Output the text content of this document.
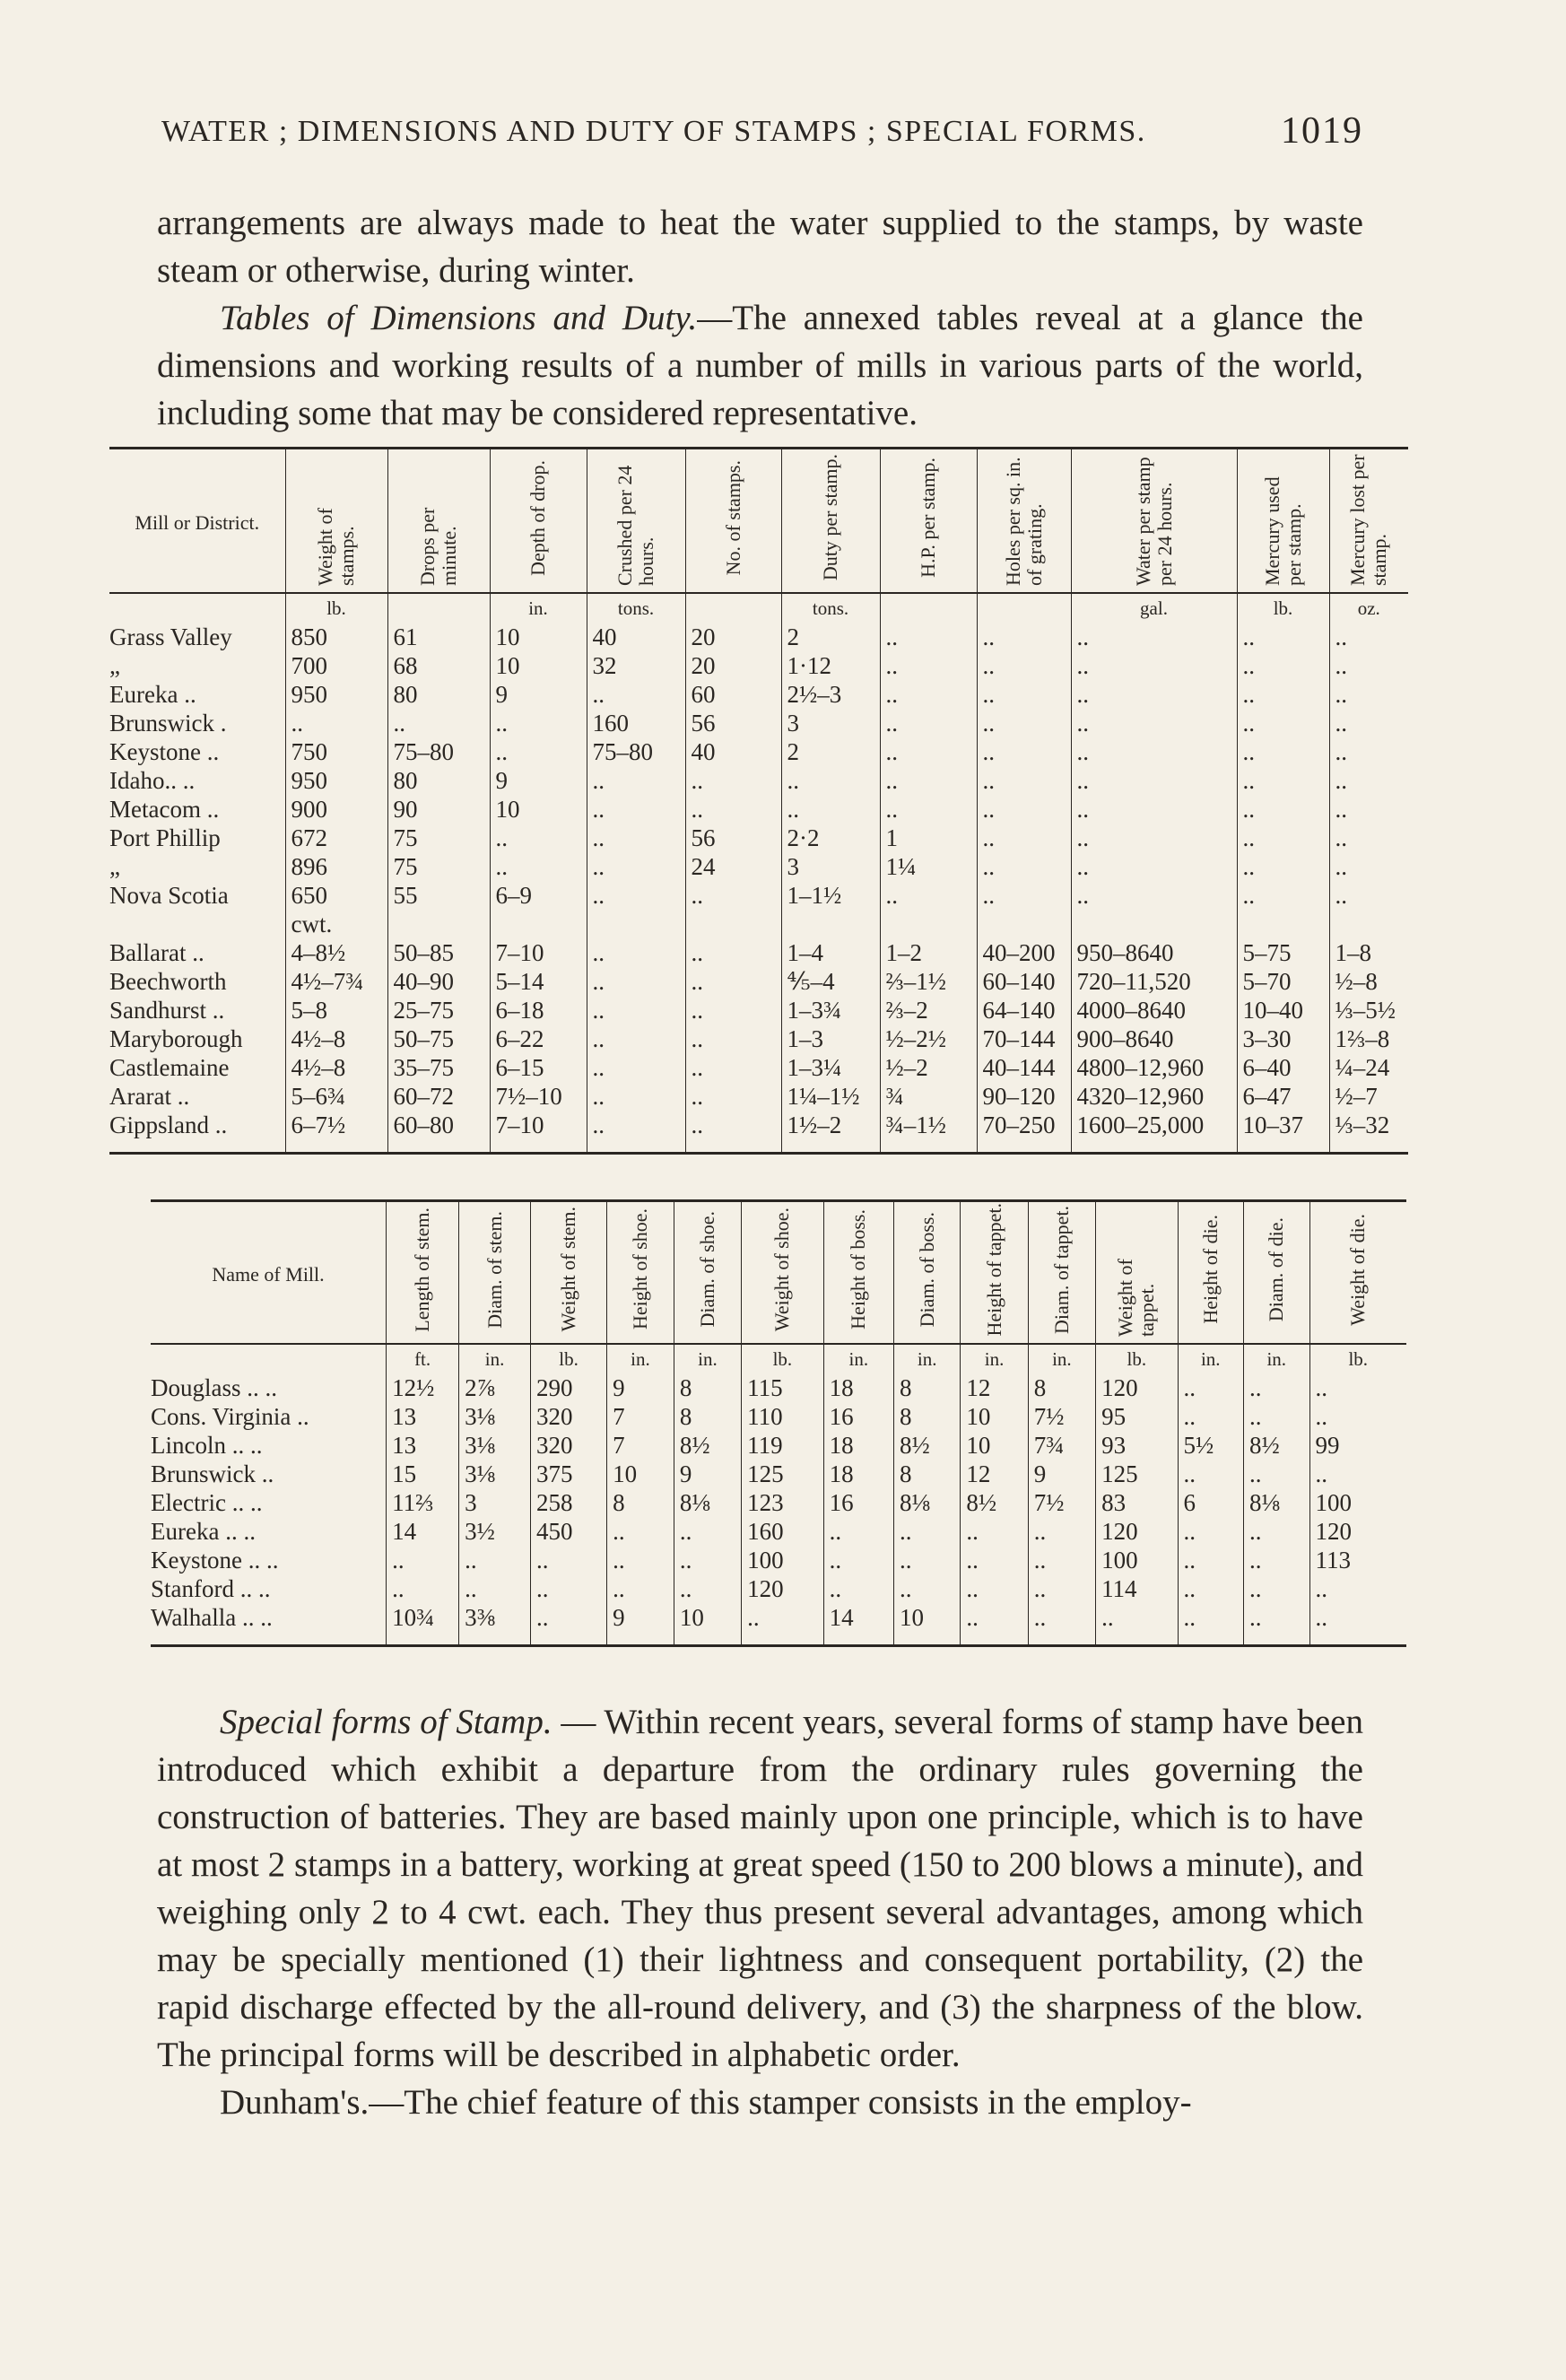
WATER ; DIMENSIONS AND DUTY OF STAMPS ; SPECIAL FORMS.	1019

arrangements are always made to heat the water supplied to the stamps, by waste steam or otherwise, during winter.

Tables of Dimensions and Duty.—The annexed tables reveal at a glance the dimensions and working results of a number of mills in various parts of the world, including some that may be considered representative.

Mill or District.	Weight of stamps.	Drops per minute.	Depth of drop.	Crushed per 24 hours.	No. of stamps.	Duty per stamp.	H.P. per stamp.	Holes per sq. in. of grating.	Water per stamp per 24 hours.	Mercury used per stamp.	Mercury lost per stamp.
	lb.		in.	tons.		tons.			gal.	lb.	oz.
Grass Valley	850	61	10	40	20	2	..	..	..	..	..
„	700	68	10	32	20	1·12	..	..	..	..	..
Eureka ..	950	80	9	..	60	2½–3	..	..	..	..	..
Brunswick .	..	..	..	160	56	3	..	..	..	..	..
Keystone ..	750	75–80	..	75–80	40	2	..	..	..	..	..
Idaho.. ..	950	80	9	..	..	..	..	..	..	..	..
Metacom ..	900	90	10	..	..	..	..	..	..	..	..
Port Phillip	672	75	..	..	56	2·2	1	..	..	..	..
„	896	75	..	..	24	3	1¼	..	..	..	..
Nova Scotia	650	55	6–9	..	..	1–1½	..	..	..	..	..
	cwt.										
Ballarat ..	4–8½	50–85	7–10	..	..	1–4	1–2	40–200	950–8640	5–75	1–8
Beechworth	4½–7¾	40–90	5–14	..	..	⅘–4	⅔–1½	60–140	720–11,520	5–70	½–8
Sandhurst ..	5–8	25–75	6–18	..	..	1–3¾	⅔–2	64–140	4000–8640	10–40	⅓–5½
Maryborough	4½–8	50–75	6–22	..	..	1–3	½–2½	70–144	900–8640	3–30	1⅔–8
Castlemaine	4½–8	35–75	6–15	..	..	1–3¼	½–2	40–144	4800–12,960	6–40	¼–24
Ararat ..	5–6¾	60–72	7½–10	..	..	1¼–1½	¾	90–120	4320–12,960	6–47	½–7
Gippsland ..	6–7½	60–80	7–10	..	..	1½–2	¾–1½	70–250	1600–25,000	10–37	⅓–32
Name of Mill.	Length of stem.	Diam. of stem.	Weight of stem.	Height of shoe.	Diam. of shoe.	Weight of shoe.	Height of boss.	Diam. of boss.	Height of tappet.	Diam. of tappet.	Weight of tappet.	Height of die.	Diam. of die.	Weight of die.
	ft.	in.	lb.	in.	in.	lb.	in.	in.	in.	in.	lb.	in.	in.	lb.
Douglass .. ..	12½	2⅞	290	9	8	115	18	8	12	8	120	..	..	..
Cons. Virginia ..	13	3⅛	320	7	8	110	16	8	10	7½	95	..	..	..
Lincoln .. ..	13	3⅛	320	7	8½	119	18	8½	10	7¾	93	5½	8½	99
Brunswick ..	15	3⅛	375	10	9	125	18	8	12	9	125	..	..	..
Electric .. ..	11⅔	3	258	8	8⅛	123	16	8⅛	8½	7½	83	6	8⅛	100
Eureka .. ..	14	3½	450	..	..	160	..	..	..	..	120	..	..	120
Keystone .. ..	..	..	..	..	..	100	..	..	..	..	100	..	..	113
Stanford .. ..	..	..	..	..	..	120	..	..	..	..	114	..	..	..
Walhalla .. ..	10¾	3⅜	..	9	10	..	14	10	..	..	..	..	..	..

Special forms of Stamp. — Within recent years, several forms of stamp have been introduced which exhibit a departure from the ordinary rules governing the construction of batteries. They are based mainly upon one principle, which is to have at most 2 stamps in a battery, working at great speed (150 to 200 blows a minute), and weighing only 2 to 4 cwt. each. They thus present several advantages, among which may be specially mentioned (1) their lightness and consequent portability, (2) the rapid discharge effected by the all-round delivery, and (3) the sharpness of the blow. The principal forms will be described in alphabetic order.

Dunham's.—The chief feature of this stamper consists in the employ-
